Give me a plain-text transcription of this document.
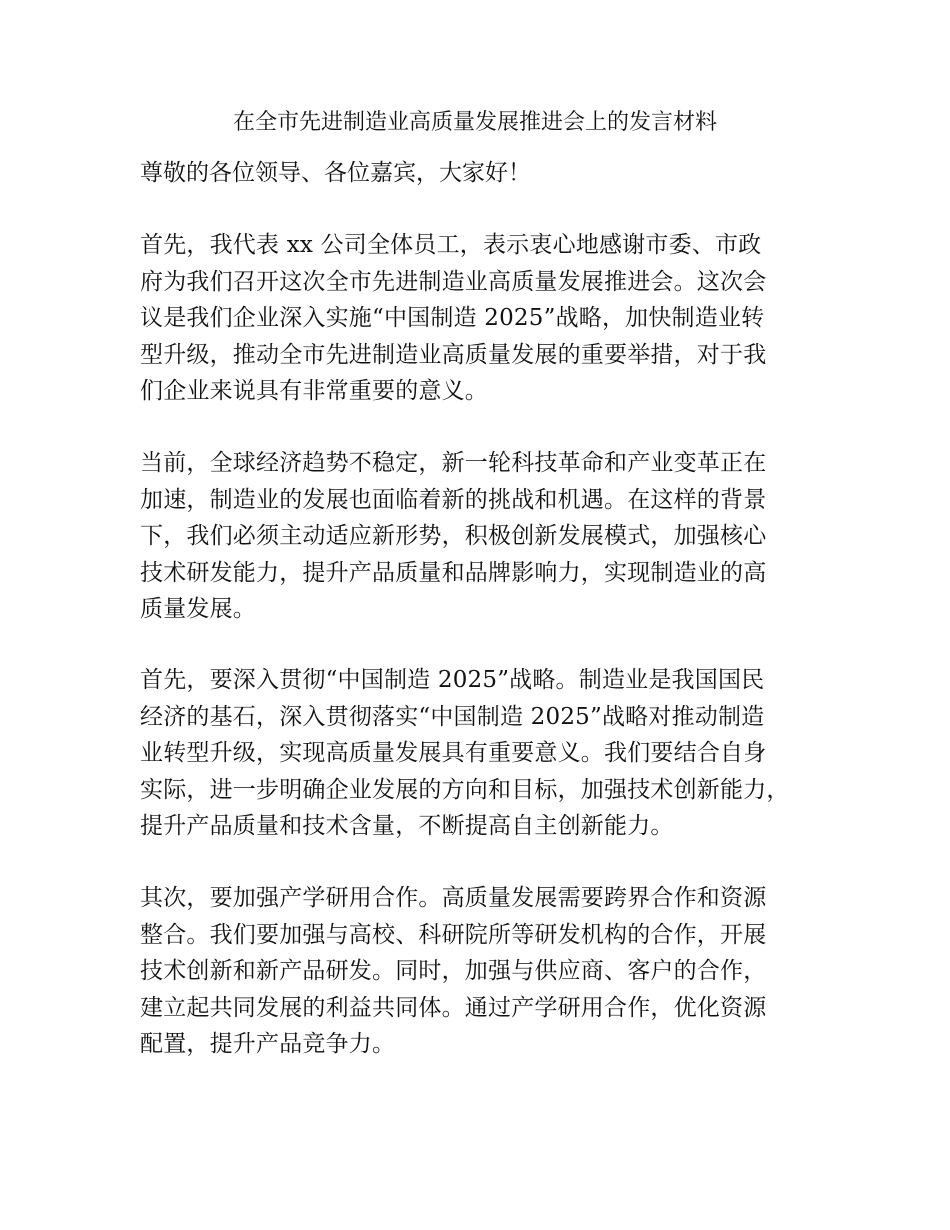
在全市先进制造业高质量发展推进会上的发言材料
尊敬的各位领导、各位嘉宾，大家好！
首先，我代表 xx 公司全体员工，表示衷心地感谢市委、市政
府为我们召开这次全市先进制造业高质量发展推进会。这次会
议是我们企业深入实施“中国制造 2025”战略，加快制造业转
型升级，推动全市先进制造业高质量发展的重要举措，对于我
们企业来说具有非常重要的意义。
当前，全球经济趋势不稳定，新一轮科技革命和产业变革正在
加速，制造业的发展也面临着新的挑战和机遇。在这样的背景
下，我们必须主动适应新形势，积极创新发展模式，加强核心
技术研发能力，提升产品质量和品牌影响力，实现制造业的高
质量发展。
首先，要深入贯彻“中国制造 2025”战略。制造业是我国国民
经济的基石，深入贯彻落实“中国制造 2025”战略对推动制造
业转型升级，实现高质量发展具有重要意义。我们要结合自身
实际，进一步明确企业发展的方向和目标，加强技术创新能力，
提升产品质量和技术含量，不断提高自主创新能力。
其次，要加强产学研用合作。高质量发展需要跨界合作和资源
整合。我们要加强与高校、科研院所等研发机构的合作，开展
技术创新和新产品研发。同时，加强与供应商、客户的合作，
建立起共同发展的利益共同体。通过产学研用合作，优化资源
配置，提升产品竞争力。
